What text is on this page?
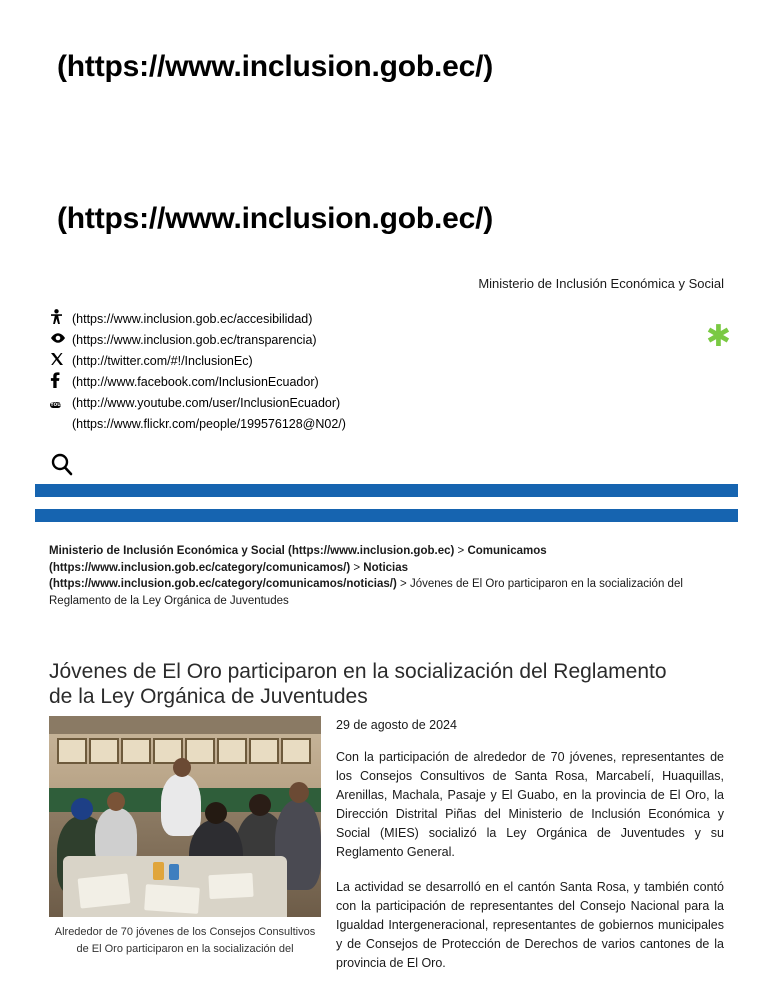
(https://www.inclusion.gob.ec/)
(https://www.inclusion.gob.ec/)
Ministerio de Inclusión Económica y Social
✱
(https://www.inclusion.gob.ec/accesibilidad)
(https://www.inclusion.gob.ec/transparencia)
(http://twitter.com/#!/InclusionEc)
(http://www.facebook.com/InclusionEcuador)
You (http://www.youtube.com/user/InclusionEcuador)
(https://www.flickr.com/people/199576128@N02/)
Ministerio de Inclusión Económica y Social (https://www.inclusion.gob.ec) > Comunicamos (https://www.inclusion.gob.ec/category/comunicamos/) > Noticias (https://www.inclusion.gob.ec/category/comunicamos/noticias/) > Jóvenes de El Oro participaron en la socialización del Reglamento de la Ley Orgánica de Juventudes
Jóvenes de El Oro participaron en la socialización del Reglamento de la Ley Orgánica de Juventudes
Alrededor de 70 jóvenes de los Consejos Consultivos de El Oro participaron en la socialización del
29 de agosto de 2024

Con la participación de alrededor de 70 jóvenes, representantes de los Consejos Consultivos de Santa Rosa, Marcabelí, Huaquillas, Arenillas, Machala, Pasaje y El Guabo, en la provincia de El Oro, la Dirección Distrital Piñas del Ministerio de Inclusión Económica y Social (MIES) socializó la Ley Orgánica de Juventudes y su Reglamento General.

La actividad se desarrolló en el cantón Santa Rosa, y también contó con la participación de representantes del Consejo Nacional para la Igualdad Intergeneracional, representantes de gobiernos municipales y de Consejos de Protección de Derechos de varios cantones de la provincia de El Oro.
